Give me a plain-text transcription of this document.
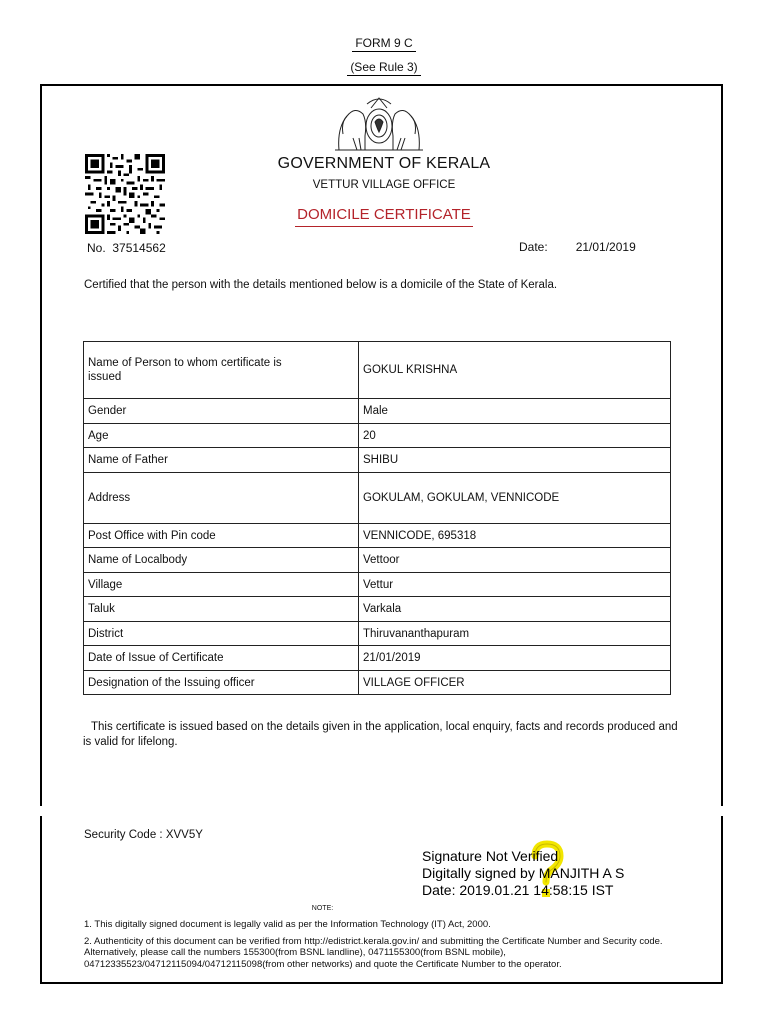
FORM 9 C
(See Rule 3)
GOVERNMENT OF KERALA
VETTUR VILLAGE OFFICE
DOMICILE CERTIFICATE
No. 37514562	Date: 21/01/2019
Certified that the person with the details mentioned below is a domicile of the State of Kerala.
Name of Person to whom certificate is issued	GOKUL KRISHNA
Gender	Male
Age	20
Name of Father	SHIBU
Address	GOKULAM, GOKULAM, VENNICODE
Post Office with Pin code	VENNICODE, 695318
Name of Localbody	Vettoor
Village	Vettur
Taluk	Varkala
District	Thiruvananthapuram
Date of Issue of Certificate	21/01/2019
Designation of the Issuing officer	VILLAGE OFFICER
This certificate is issued based on the details given in the application, local enquiry, facts and records produced and is valid for lifelong.
Security Code : XVV5Y
Signature Not Verified
Digitally signed by MANJITH A S
Date: 2019.01.21 14:58:15 IST
NOTE:

1. This digitally signed document is legally valid as per the Information Technology (IT) Act, 2000.

2. Authenticity of this document can be verified from http://edistrict.kerala.gov.in/ and submitting the Certificate Number and Security code. Alternatively, please call the numbers 155300(from BSNL landline), 0471155300(from BSNL mobile), 04712335523/04712115094/04712115098(from other networks) and quote the Certificate Number to the operator.
